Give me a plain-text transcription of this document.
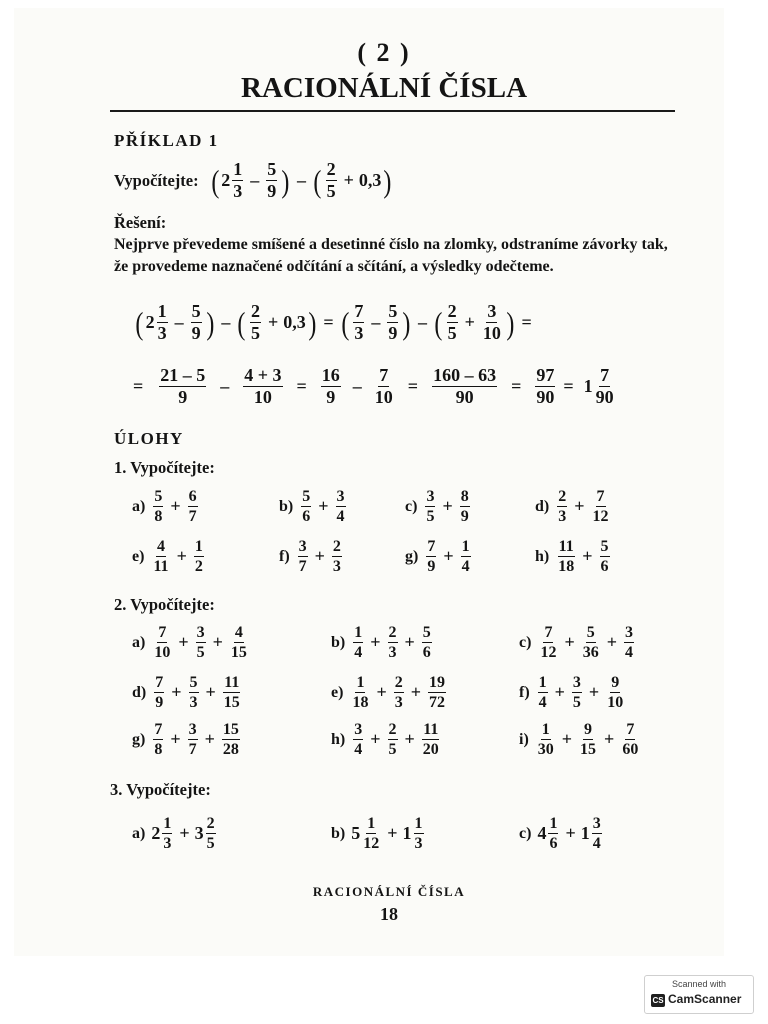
( 2 )
RACIONÁLNÍ ČÍSLA
PŘÍKLAD 1
Vypočítejte: ( 2
1
3
–
5
9 ) – ( 2
5
+ 0,3 )
Řešení:
Nejprve převedeme smíšené a desetinné číslo na zlomky, odstraníme závorky tak, že provedeme naznačené odčítání a sčítání, a výsledky odečteme.
( 2
1
3
–
5
9 ) – ( 2
5
+ 0,3 ) = ( 7
3
–
5
9 ) – ( 2
5
+ $\frac{3}{10}$ ) =
= $\frac{21 - 5}{9} - \frac{4 + 3}{10} = \frac{16}{9} - \frac{7}{10} = \frac{160 - 63}{90} = \frac{97}{90} = 1$
7
90
ÚLOHY
1. Vypočítejte:
a)
5
8
+ $\frac{6}{7}$	b)
5
6
+ $\frac{3}{4}$	c)
3
5
+ $\frac{8}{9}$	d)
2
3
+ $\frac{7}{12}$
e)
4
11
+ $\frac{1}{2}$	f)
3
7
+ $\frac{2}{3}$	g)
7
9
+ $\frac{1}{4}$	h)
11
18
+ $\frac{5}{6}$
2. Vypočítejte:
a)
7
10
+ $\frac{3}{5} + \frac{4}{15}$	b)
1
4
+ $\frac{2}{3} + \frac{5}{6}$	c)
7
12
+ $\frac{5}{36} + \frac{3}{4}$
d)
7
9
+ $\frac{5}{3} + \frac{11}{15}$	e)
1
18
+ $\frac{2}{3} + \frac{19}{72}$	f)
1
4
+ $\frac{3}{5} + \frac{9}{10}$
g)
7
8
+ $\frac{3}{7} + \frac{15}{28}$	h)
3
4
+ $\frac{2}{5} + \frac{11}{20}$	i)
1
30
+ $\frac{9}{15} + \frac{7}{60}$
3. Vypočítejte:
a) 2 1
3
+ 3 2
5
b) 5 1
12
+ 1 1
3
c) 4 1
6
+ 1 3
4
RACIONÁLNÍ ČÍSLA
18
Scanned with
CS CamScanner
